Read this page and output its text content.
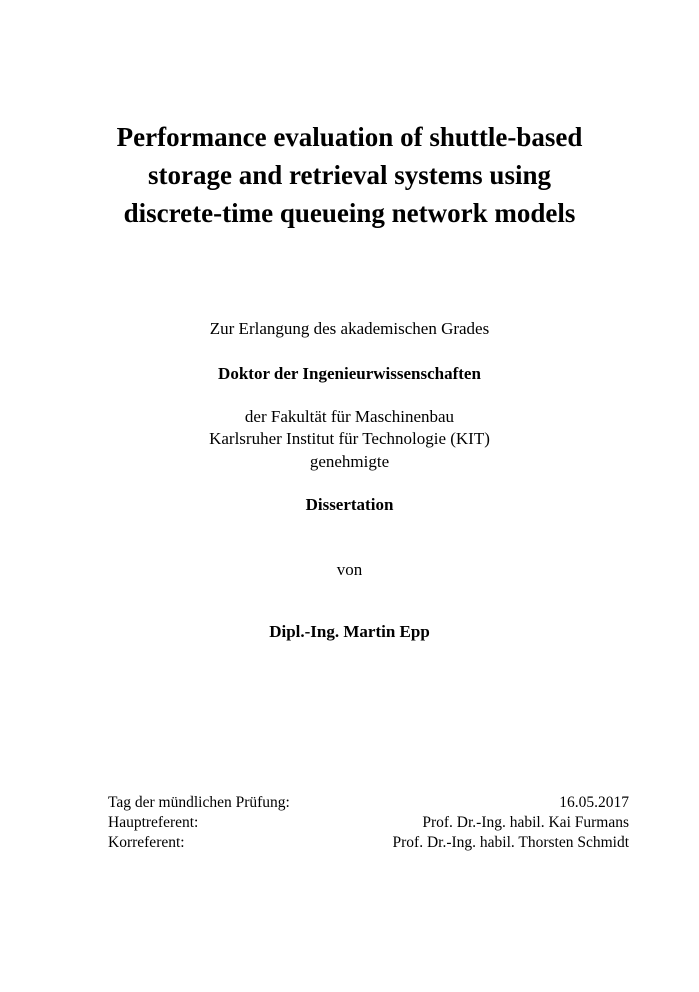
Performance evaluation of shuttle-based
storage and retrieval systems using
discrete-time queueing network models
Zur Erlangung des akademischen Grades
Doktor der Ingenieurwissenschaften
der Fakultät für Maschinenbau
Karlsruher Institut für Technologie (KIT)
genehmigte
Dissertation
von
Dipl.-Ing. Martin Epp
Tag der mündlichen Prüfung:	16.05.2017
Hauptreferent:	Prof. Dr.-Ing. habil. Kai Furmans
Korreferent:	Prof. Dr.-Ing. habil. Thorsten Schmidt
